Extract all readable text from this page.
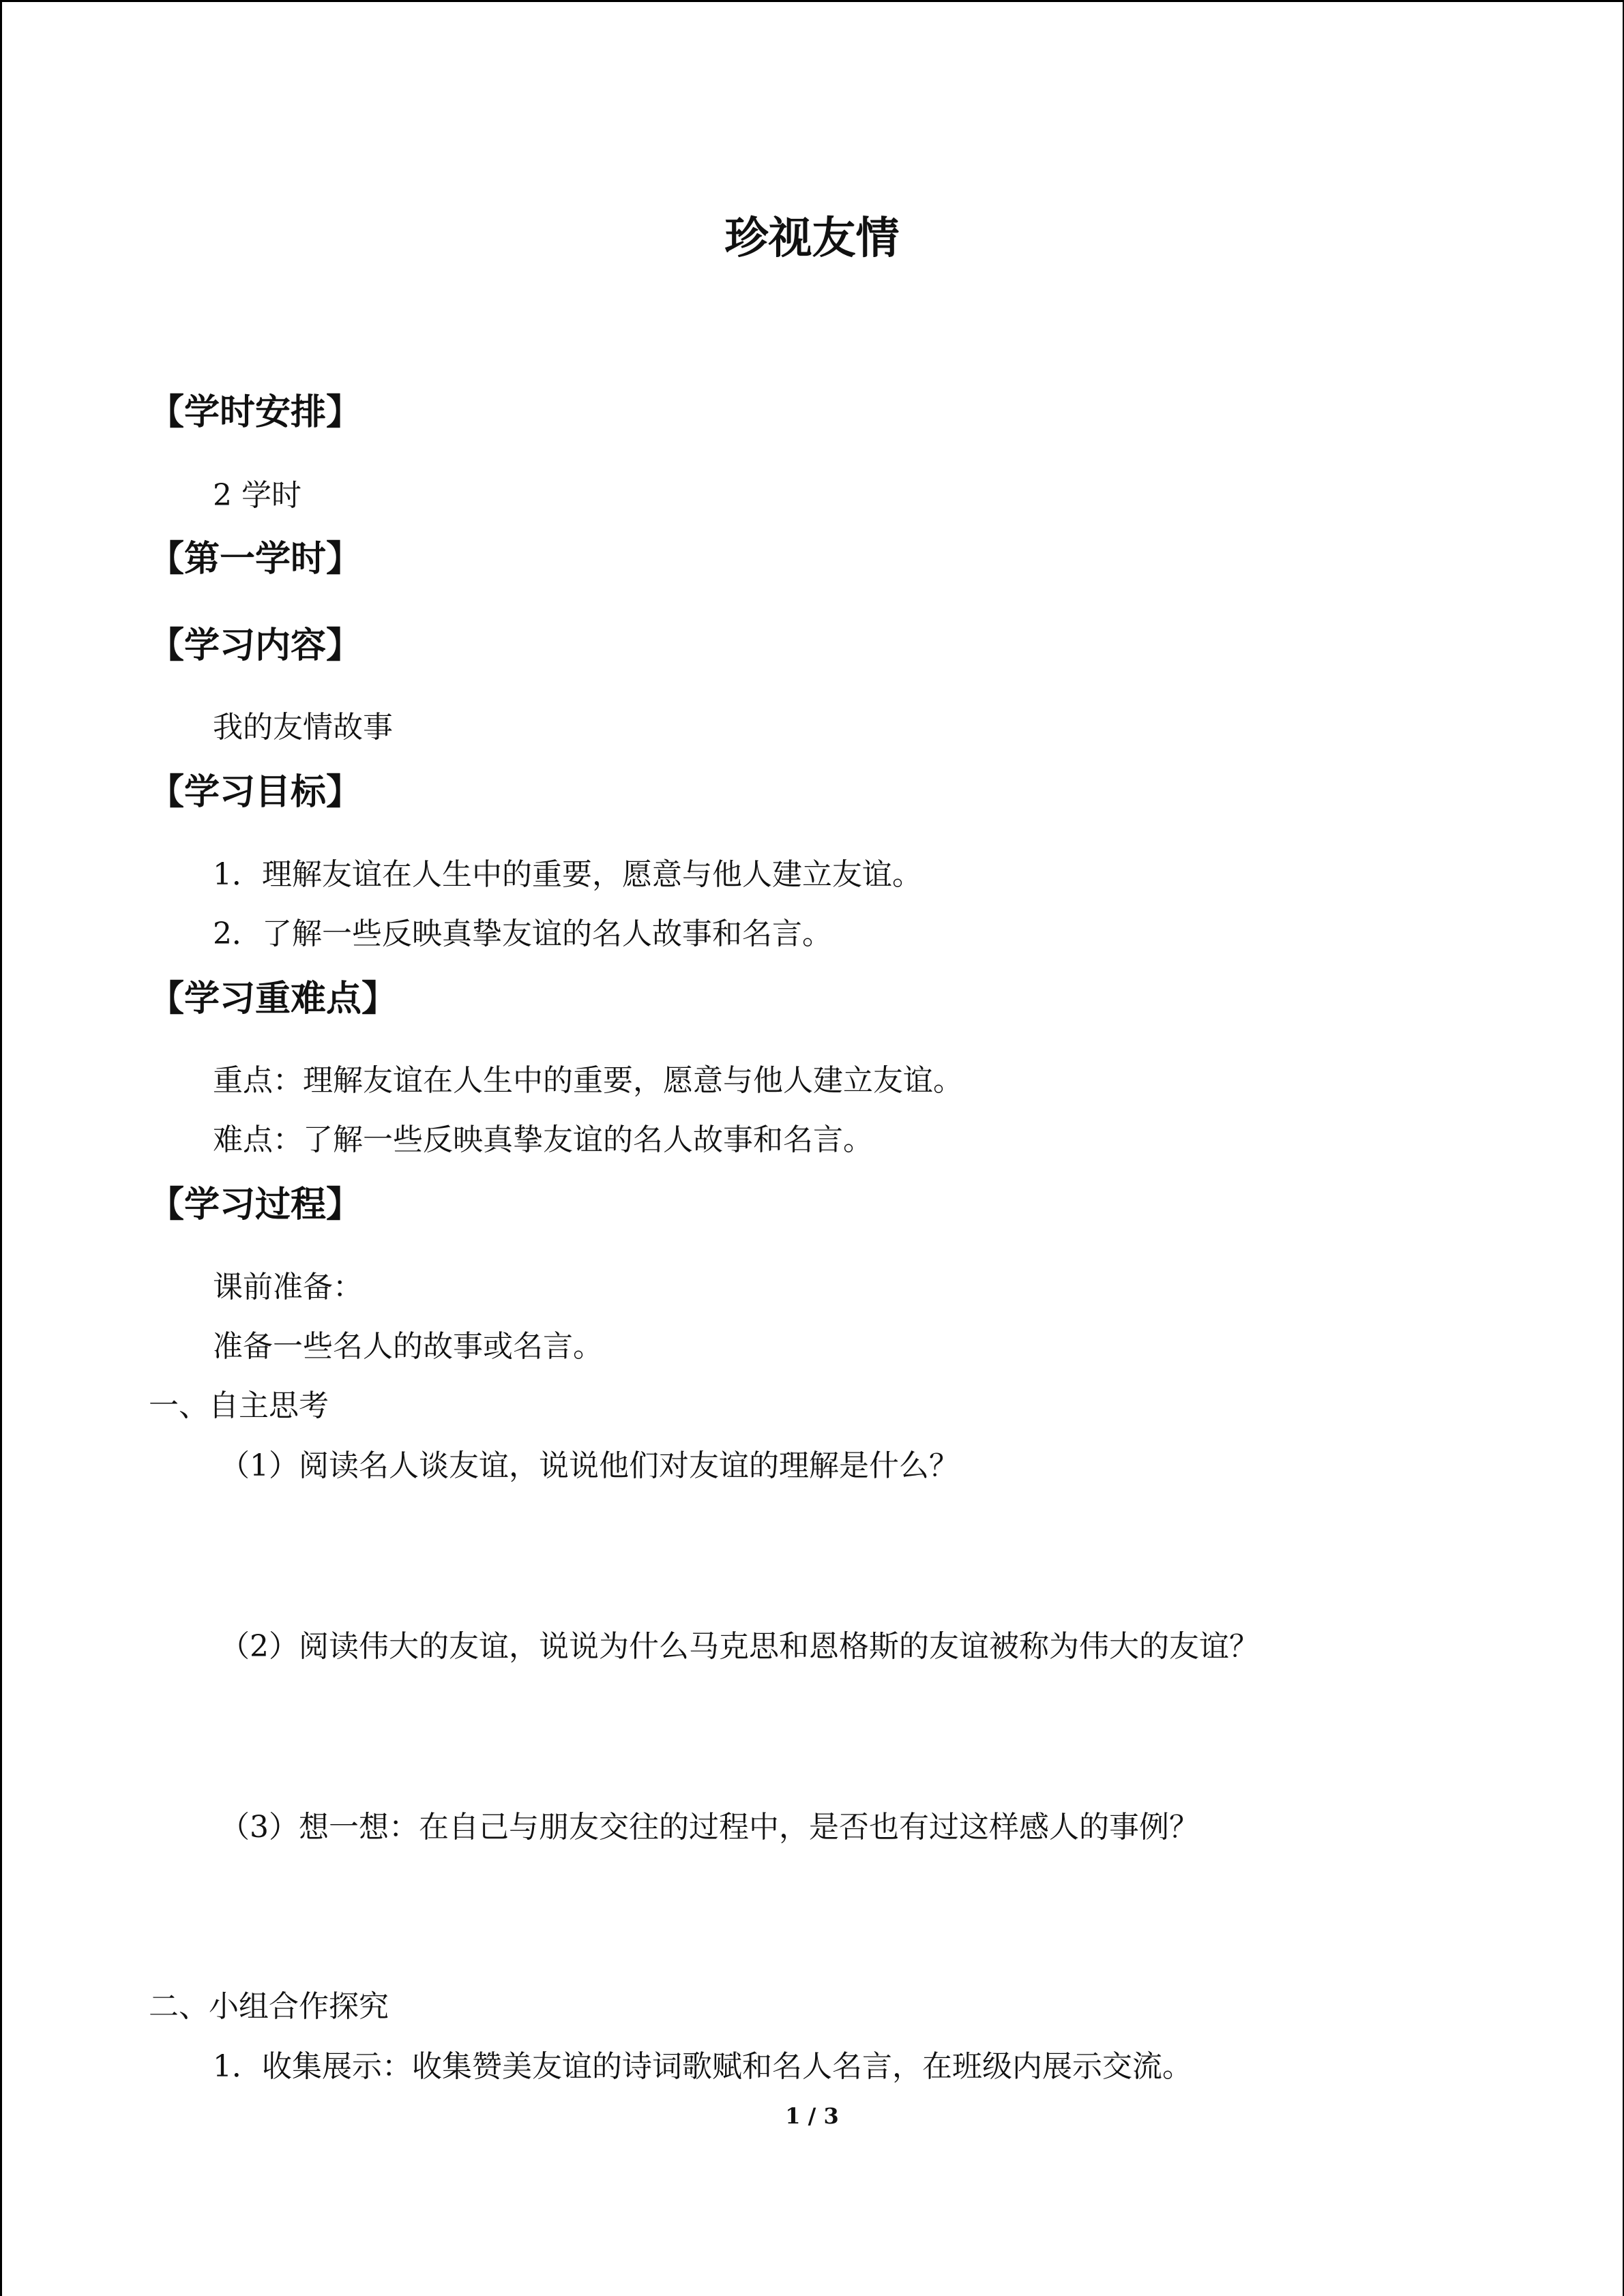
珍视友情
【学时安排】
2 学时
【第一学时】
【学习内容】
我的友情故事
【学习目标】
1．理解友谊在人生中的重要，愿意与他人建立友谊。
2．了解一些反映真挚友谊的名人故事和名言。
【学习重难点】
重点：理解友谊在人生中的重要，愿意与他人建立友谊。
难点：了解一些反映真挚友谊的名人故事和名言。
【学习过程】
课前准备：
准备一些名人的故事或名言。
一、自主思考
（1）阅读名人谈友谊，说说他们对友谊的理解是什么？
（2）阅读伟大的友谊，说说为什么马克思和恩格斯的友谊被称为伟大的友谊？
（3）想一想：在自己与朋友交往的过程中，是否也有过这样感人的事例？
二、小组合作探究
1．收集展示：收集赞美友谊的诗词歌赋和名人名言，在班级内展示交流。
1 / 3
